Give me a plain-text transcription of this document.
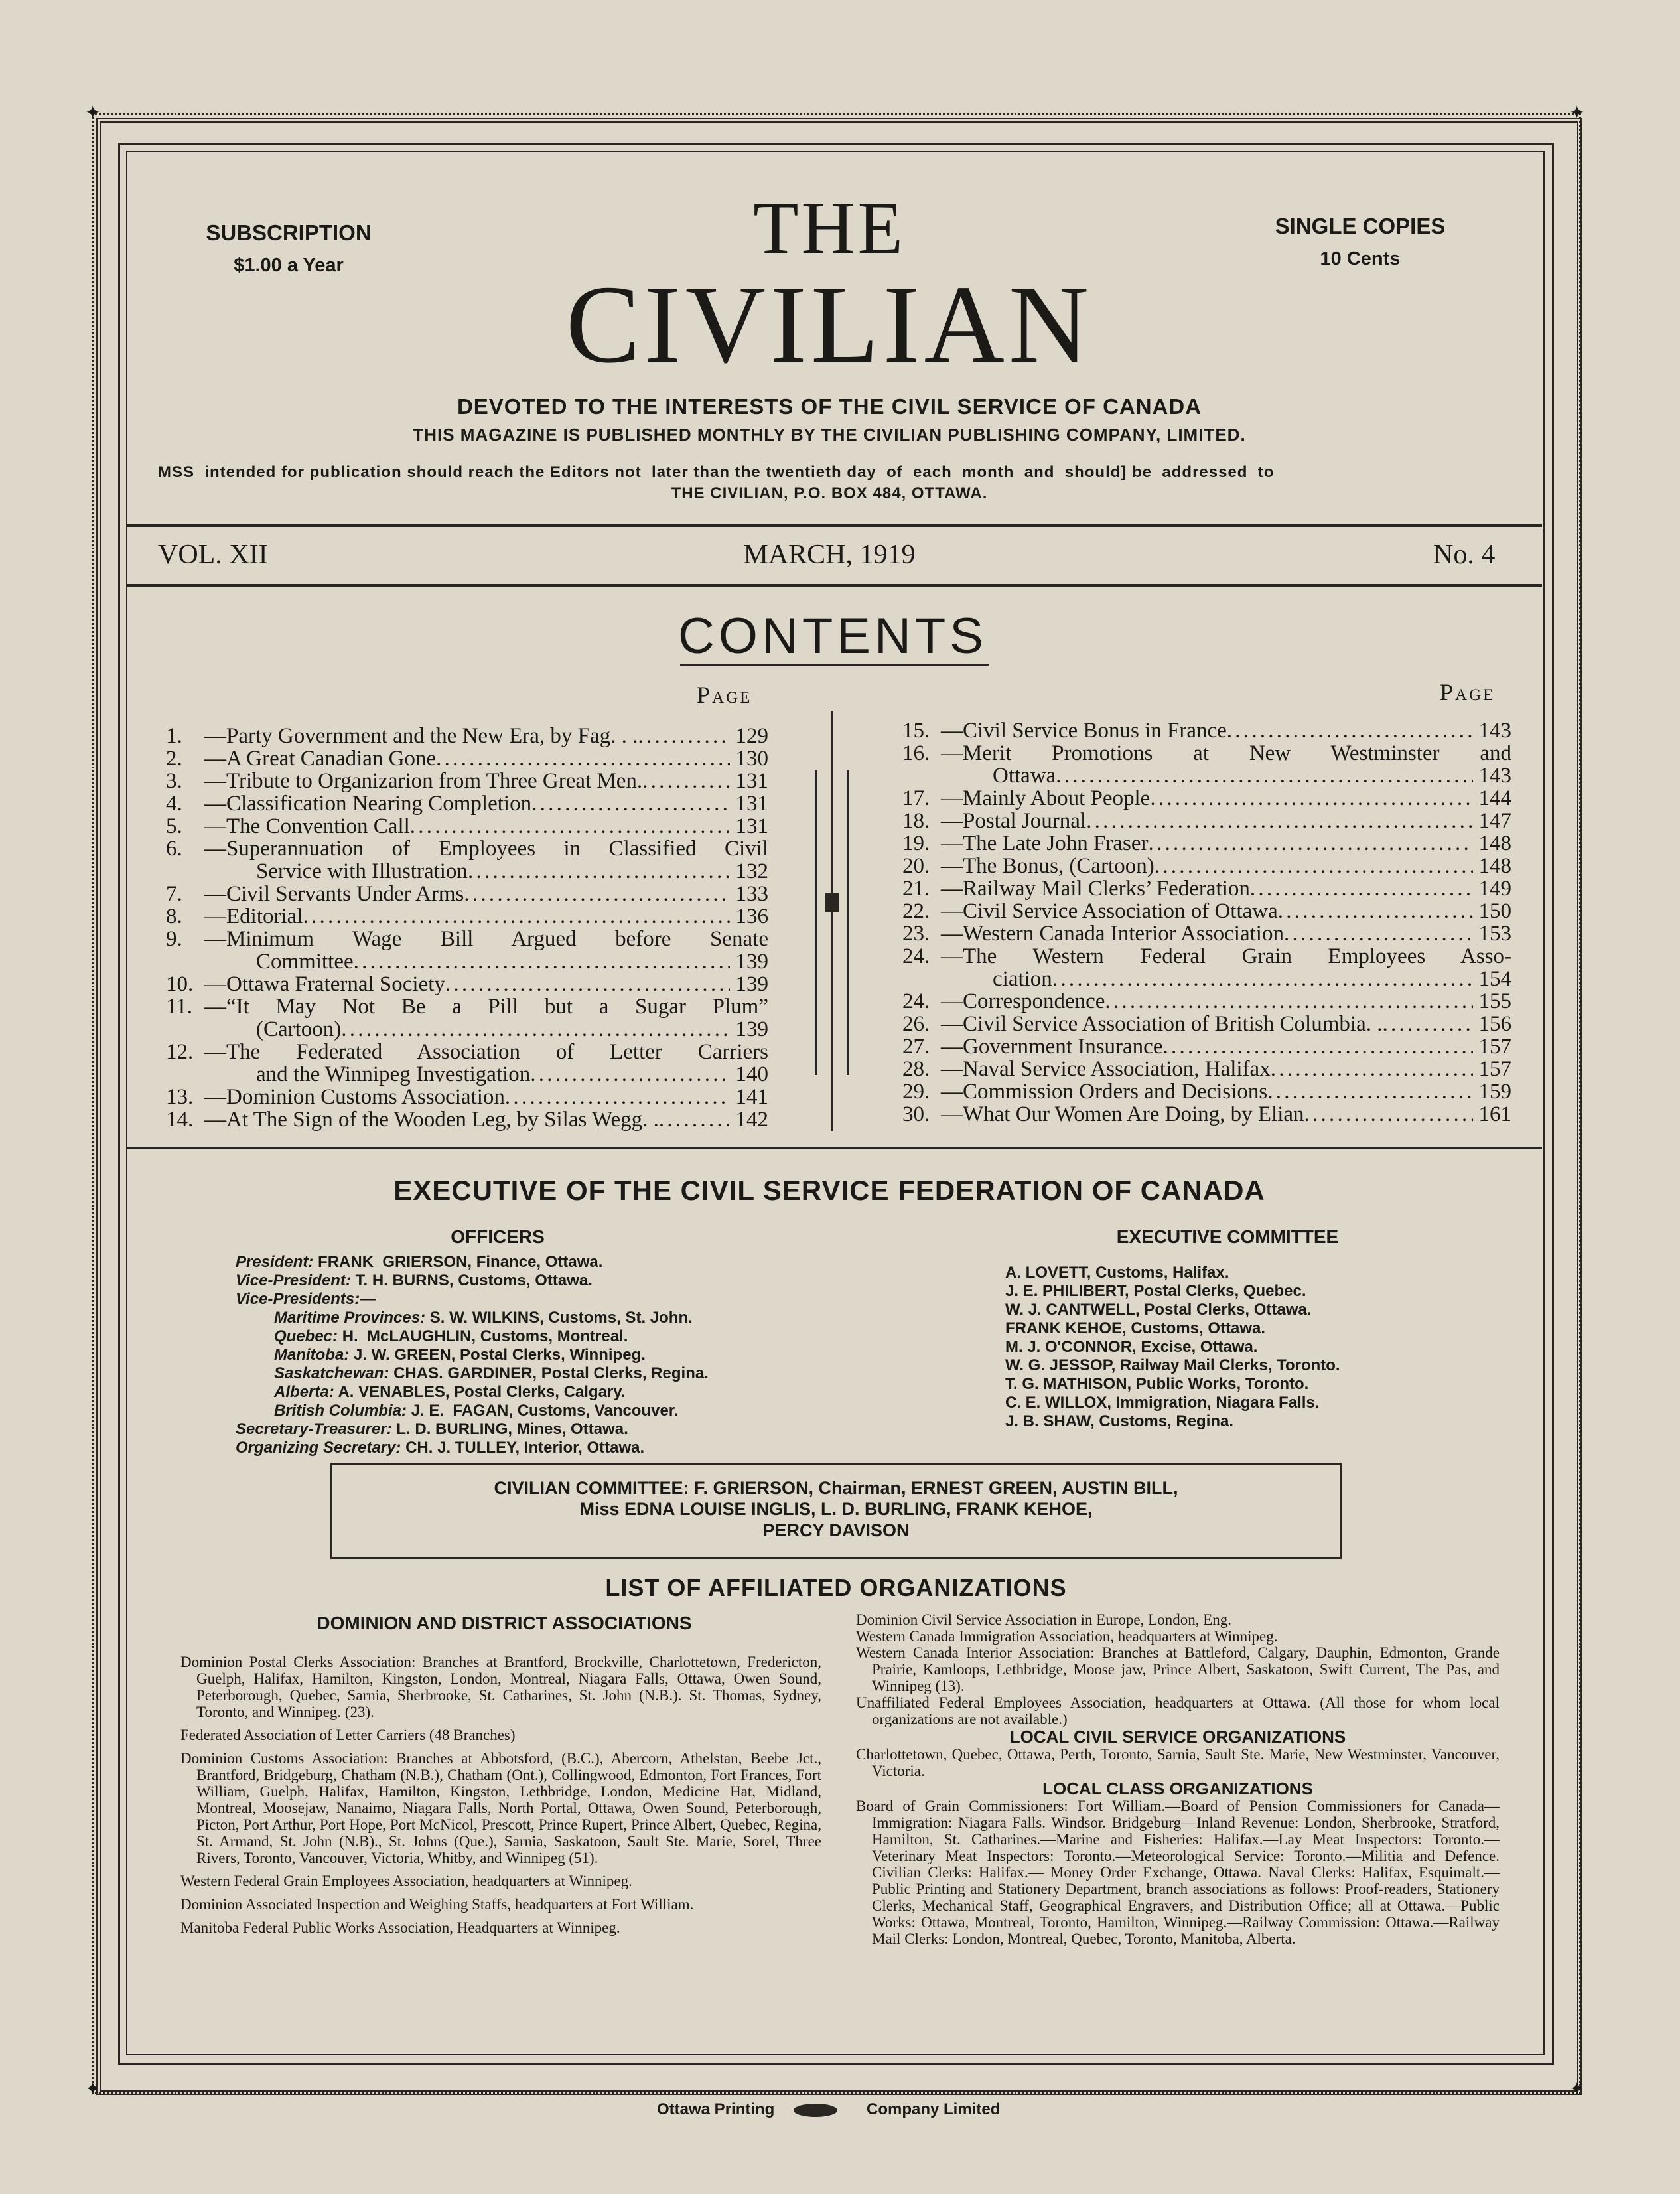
✦	✦
✦	✦
SUBSCRIPTION
$1.00 a Year
SINGLE COPIES
10 Cents
THE
CIVILIAN
DEVOTED TO THE INTERESTS OF THE CIVIL SERVICE OF CANADA
THIS MAGAZINE IS PUBLISHED MONTHLY BY THE CIVILIAN PUBLISHING COMPANY, LIMITED.
MSS  intended for publication should reach the Editors not  later than the twentieth day  of  each  month  and  should] be  addressed  to
THE CIVILIAN, P.O. BOX 484, OTTAWA.
VOL. XII	MARCH, 1919	No. 4
CONTENTS
Page	Page
1.	—Party Government and the New Era, by Fag. . . . . .	129
2.	—A Great Canadian Gone . . .	130
3.	—Tribute to Organizarion from Three Great Men. . . .	131
4.	—Classification Nearing Completion . . .	131
5.	—The Convention Call . . .	131
6.	—Superannuation of Employees in Classified Civil
Service with Illustration . . .	132
7.	—Civil Servants Under Arms . . .	133
8.	—Editorial . . .	136
9.	—Minimum Wage Bill Argued before Senate
Committee . . .	139
10. —Ottawa Fraternal Society . . .	139
11. —“It May Not Be a Pill but a Sugar Plum”
(Cartoon) . . .	139
12. —The Federated Association of Letter Carriers
and the Winnipeg Investigation . . .	140
13. —Dominion Customs Association . . .	141
14. —At The Sign of the Wooden Leg, by Silas Wegg. . . . .	142
15. —Civil Service Bonus in France . . .	143
16. —Merit Promotions at New Westminster and
Ottawa . . .	143
17. —Mainly About People . . .	144
18. —Postal Journal . . .	147
19. —The Late John Fraser . . .	148
20. —The Bonus, (Cartoon) . . .	148
21. —Railway Mail Clerks’ Federation . . .	149
22. —Civil Service Association of Ottawa . . .	150
23. —Western Canada Interior Association . . .	153
24. —The Western Federal Grain Employees Asso-
ciation . . .	154
24. —Correspondence . . .	155
26. —Civil Service Association of British Columbia. . . . .	156
27. —Government Insurance . . .	157
28. —Naval Service Association, Halifax . . .	157
29. —Commission Orders and Decisions . . .	159
30. —What Our Women Are Doing, by Elian . . .	161
EXECUTIVE OF THE CIVIL SERVICE FEDERATION OF CANADA
OFFICERS	EXECUTIVE COMMITTEE
President: FRANK  GRIERSON, Finance, Ottawa.
Vice-President: T. H. BURNS, Customs, Ottawa.
Vice-Presidents:—
Maritime Provinces: S. W. WILKINS, Customs, St. John.
Quebec: H.  McLAUGHLIN, Customs, Montreal.
Manitoba: J. W. GREEN, Postal Clerks, Winnipeg.
Saskatchewan: CHAS. GARDINER, Postal Clerks, Regina.
Alberta: A. VENABLES, Postal Clerks, Calgary.
British Columbia: J. E.  FAGAN, Customs, Vancouver.
Secretary-Treasurer: L. D. BURLING, Mines, Ottawa.
Organizing Secretary: CH. J. TULLEY, Interior, Ottawa.
A. LOVETT, Customs, Halifax.
J. E. PHILIBERT, Postal Clerks, Quebec.
W. J. CANTWELL, Postal Clerks, Ottawa.
FRANK KEHOE, Customs, Ottawa.
M. J. O'CONNOR, Excise, Ottawa.
W. G. JESSOP, Railway Mail Clerks, Toronto.
T. G. MATHISON, Public Works, Toronto.
C. E. WILLOX, Immigration, Niagara Falls.
J. B. SHAW, Customs, Regina.
CIVILIAN COMMITTEE: F. GRIERSON, Chairman, ERNEST GREEN, AUSTIN BILL,
Miss EDNA LOUISE INGLIS, L. D. BURLING, FRANK KEHOE,
PERCY DAVISON
LIST OF AFFILIATED ORGANIZATIONS
DOMINION AND DISTRICT ASSOCIATIONS
Dominion Postal Clerks Association: Branches at Brantford, Brockville, Charlottetown, Fredericton, Guelph, Halifax, Hamilton, Kingston, London, Montreal, Niagara Falls, Ottawa, Owen Sound, Peterborough, Quebec, Sarnia, Sherbrooke, St. Catharines, St. John (N.B.). St. Thomas, Sydney, Toronto, and Winnipeg. (23).
Federated Association of Letter Carriers (48 Branches)
Dominion Customs Association: Branches at Abbotsford, (B.C.), Abercorn, Athelstan, Beebe Jct., Brantford, Bridgeburg, Chatham (N.B.), Chatham (Ont.), Collingwood, Edmonton, Fort Frances, Fort William, Guelph, Halifax, Hamilton, Kingston, Lethbridge, London, Medicine Hat, Midland, Montreal, Moosejaw, Nanaimo, Niagara Falls, North Portal, Ottawa, Owen Sound, Peterborough, Picton, Port Arthur, Port Hope, Port McNicol, Prescott, Prince Rupert, Prince Albert, Quebec, Regina, St. Armand, St. John (N.B)., St. Johns (Que.), Sarnia, Saskatoon, Sault Ste. Marie, Sorel, Three Rivers, Toronto, Vancouver, Victoria, Whitby, and Winnipeg (51).
Western Federal Grain Employees Association, headquarters at Winnipeg.
Dominion Associated Inspection and Weighing Staffs, headquarters at Fort William.
Manitoba Federal Public Works Association, Headquarters at Winnipeg.
Dominion Civil Service Association in Europe, London, Eng.
Western Canada Immigration Association, headquarters at Winnipeg.
Western Canada Interior Association: Branches at Battleford, Calgary, Dauphin, Edmonton, Grande Prairie, Kamloops, Lethbridge, Moose jaw, Prince Albert, Saskatoon, Swift Current, The Pas, and Winnipeg (13).
Unaffiliated Federal Employees Association, headquarters at Ottawa. (All those for whom local organizations are not available.)
LOCAL CIVIL SERVICE ORGANIZATIONS
Charlottetown, Quebec, Ottawa, Perth, Toronto, Sarnia, Sault Ste. Marie, New Westminster, Vancouver, Victoria.
LOCAL CLASS ORGANIZATIONS
Board of Grain Commissioners: Fort William.—Board of Pension Commissioners for Canada—Immigration: Niagara Falls. Windsor. Bridgeburg—Inland Revenue: London, Sherbrooke, Stratford, Hamilton, St. Catharines.—Marine and Fisheries: Halifax.—Lay Meat Inspectors: Toronto.—Veterinary Meat Inspectors: Toronto.—Meteorological Service: Toronto.—Militia and Defence. Civilian Clerks: Halifax.— Money Order Exchange, Ottawa. Naval Clerks: Halifax, Esquimalt.—Public Printing and Stationery Department, branch associations as follows: Proof-readers, Stationery Clerks, Mechanical Staff, Geographical Engravers, and Distribution Office; all at Ottawa.—Public Works: Ottawa, Montreal, Toronto, Hamilton, Winnipeg.—Railway Commission: Ottawa.—Railway Mail Clerks: London, Montreal, Quebec, Toronto, Manitoba, Alberta.
Ottawa Printing	Company Limited
